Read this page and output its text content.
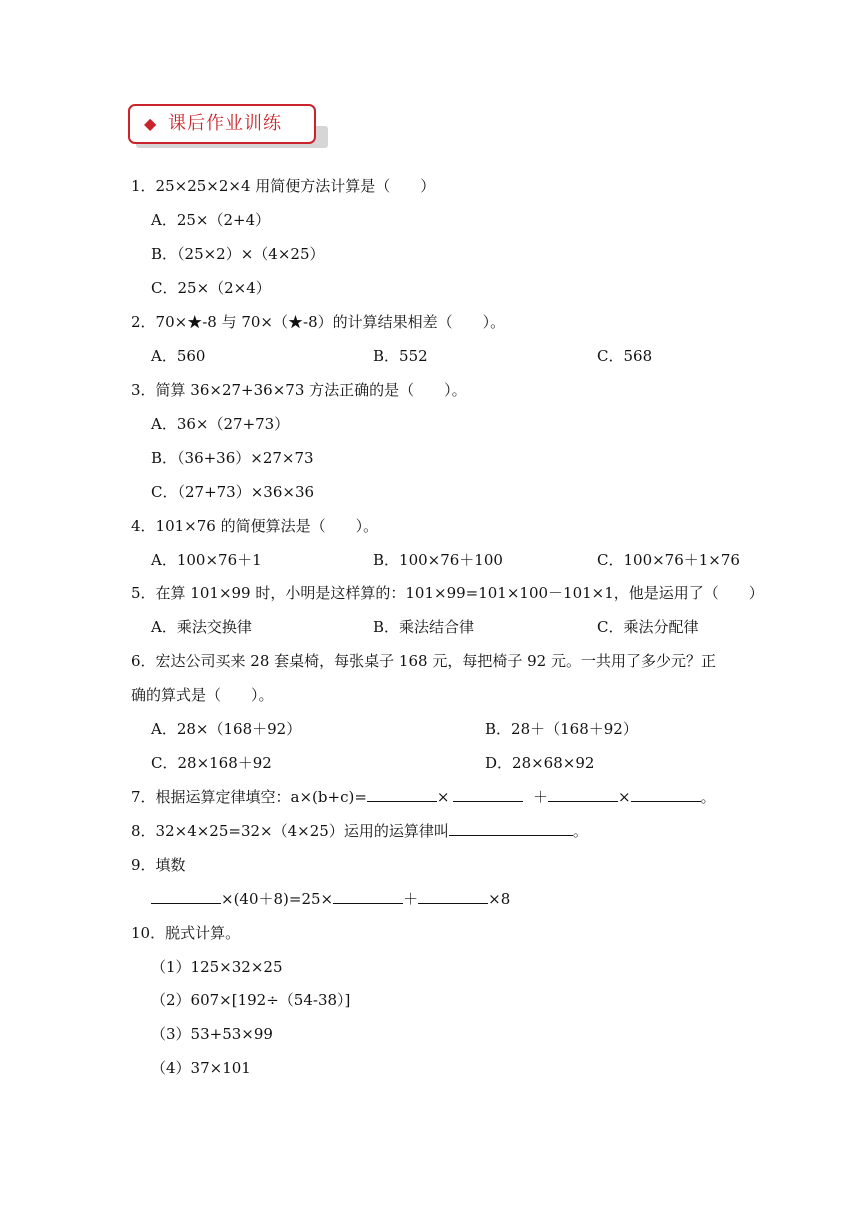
◆ 课后作业训练
1．25×25×2×4 用简便方法计算是（　　）
A．25×（2+4）
B．（25×2）×（4×25）
C．25×（2×4）
2．70×★-8 与 70×（★-8）的计算结果相差（　　）。
A．560	B．552	C．568
3．简算 36×27+36×73 方法正确的是（　　）。
A．36×（27+73）
B．（36+36）×27×73
C．（27+73）×36×36
4．101×76 的简便算法是（　　）。
A．100×76＋1	B．100×76＋100	C．100×76＋1×76
5．在算 101×99 时，小明是这样算的：101×99=101×100－101×1，他是运用了（　　）
A．乘法交换律	B．乘法结合律	C．乘法分配律
6．宏达公司买来 28 套桌椅，每张桌子 168 元，每把椅子 92 元。一共用了多少元？正
确的算式是（　　）。
A．28×（168＋92）	B．28＋（168＋92）
C．28×168＋92	D．28×68×92
7．根据运算定律填空：a×(b+c)=	×	＋	×	。
8．32×4×25=32×（4×25）运用的运算律叫	。
9．填数
×(40＋8)=25×	＋	×8
10．脱式计算。
（1）125×32×25
（2）607×[192÷（54-38）]
（3）53+53×99
（4）37×101
